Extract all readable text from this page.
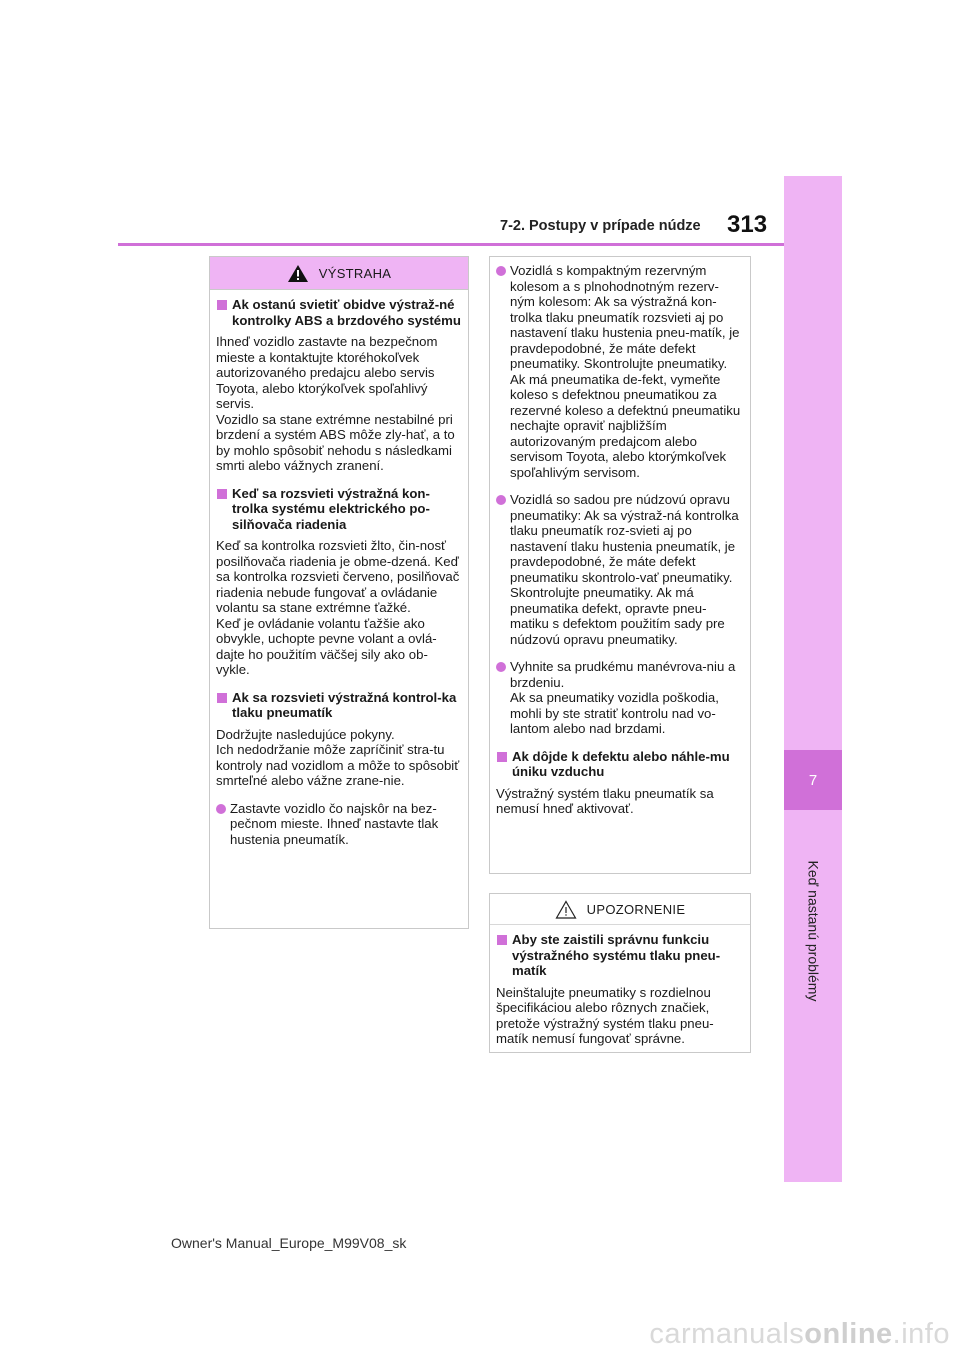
7
Keď nastanú problémy
7-2. Postupy v prípade núdze 313
VÝSTRAHA
Ak ostanú svietiť obidve výstraž-né kontrolky ABS a brzdového systému

Ihneď vozidlo zastavte na bezpečnom mieste a kontaktujte ktoréhokoľvek autorizovaného predajcu alebo servis Toyota, alebo ktorýkoľvek spoľahlivý servis.
Vozidlo sa stane extrémne nestabilné pri brzdení a systém ABS môže zly-hať, a to by mohlo spôsobiť nehodu s následkami smrti alebo vážnych zranení.

Keď sa rozsvieti výstražná kon-trolka systému elektrického po-silňovača riadenia

Keď sa kontrolka rozsvieti žlto, čin-nosť posilňovača riadenia je obme-dzená. Keď sa kontrolka rozsvieti červeno, posilňovač riadenia nebude fungovať a ovládanie volantu sa stane extrémne ťažké.
Keď je ovládanie volantu ťažšie ako obvykle, uchopte pevne volant a ovlá-dajte ho použitím väčšej sily ako ob-vykle.

Ak sa rozsvieti výstražná kontrol-ka tlaku pneumatík

Dodržujte nasledujúce pokyny.
Ich nedodržanie môže zapríčiniť stra-tu kontroly nad vozidlom a môže to spôsobiť smrteľné alebo vážne zrane-nie.

Zastavte vozidlo čo najskôr na bez-pečnom mieste. Ihneď nastavte tlak hustenia pneumatík.
Vozidlá s kompaktným rezervným kolesom a s plnohodnotným rezerv-ným kolesom: Ak sa výstražná kon-trolka tlaku pneumatík rozsvieti aj po nastavení tlaku hustenia pneu-matík, je pravdepodobné, že máte defekt pneumatiky. Skontrolujte pneumatiky. Ak má pneumatika de-fekt, vymeňte koleso s defektnou pneumatikou za rezervné koleso a defektnú pneumatiku nechajte opraviť najbližším autorizovaným predajcom alebo servisom Toyota, alebo ktorýmkoľvek spoľahlivým servisom.
Vozidlá so sadou pre núdzovú opravu pneumatiky: Ak sa výstraž-ná kontrolka tlaku pneumatík roz-svieti aj po nastavení tlaku hustenia pneumatík, je pravdepodobné, že máte defekt pneumatiku skontrolo-vať pneumatiky.
Skontrolujte pneumatiky. Ak má pneumatika defekt, opravte pneu-matiku s defektom použitím sady pre núdzovú opravu pneumatiky.
Vyhnite sa prudkému manévrova-niu a brzdeniu.
Ak sa pneumatiky vozidla poškodia, mohli by ste stratiť kontrolu nad vo-lantom alebo nad brzdami.
Ak dôjde k defektu alebo náhle-mu úniku vzduchu

Výstražný systém tlaku pneumatík sa nemusí hneď aktivovať.

UPOZORNENIE
Aby ste zaistili správnu funkciu výstražného systému tlaku pneu-matík

Neinštalujte pneumatiky s rozdielnou špecifikáciou alebo rôznych značiek, pretože výstražný systém tlaku pneu-matík nemusí fungovať správne.

Owner's Manual_Europe_M99V08_sk
carmanualsonline.info
